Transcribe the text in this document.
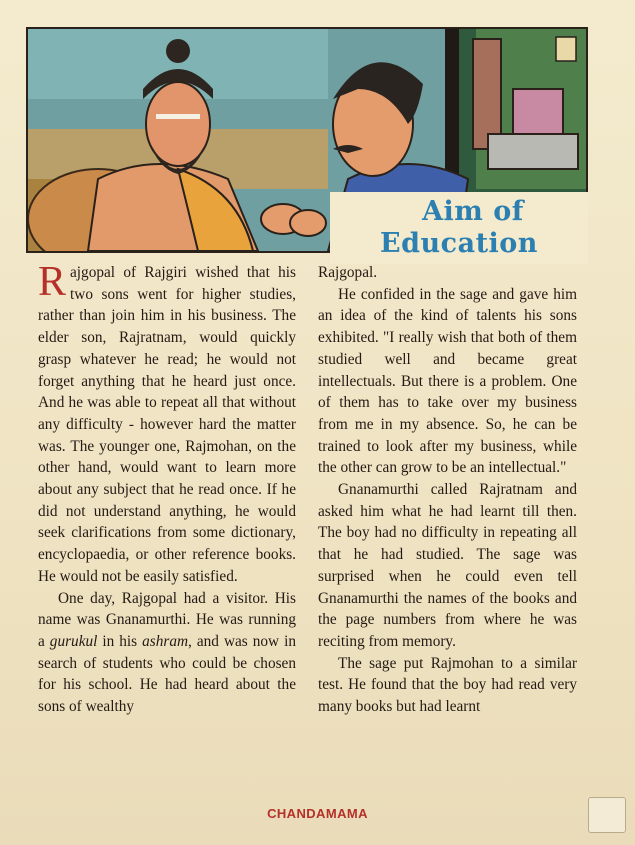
Aim of
Education

Rajgopal of Rajgiri wished that his two sons went for higher studies, rather than join him in his business. The elder son, Rajratnam, would quickly grasp whatever he read; he would not forget anything that he heard just once. And he was able to repeat all that without any difficulty - however hard the matter was. The younger one, Rajmohan, on the other hand, would want to learn more about any subject that he read once. If he did not understand anything, he would seek clarifications from some dictionary, encyclopaedia, or other reference books. He would not be easily satisfied.

One day, Rajgopal had a visitor. His name was Gnanamurthi. He was running a gurukul in his ashram, and was now in search of students who could be chosen for his school. He had heard about the sons of wealthy

Rajgopal.

He confided in the sage and gave him an idea of the kind of talents his sons exhibited. "I really wish that both of them studied well and became great intellectuals. But there is a problem. One of them has to take over my business from me in my absence. So, he can be trained to look after my business, while the other can grow to be an intellectual."

Gnanamurthi called Rajratnam and asked him what he had learnt till then. The boy had no difficulty in repeating all that he had studied. The sage was surprised when he could even tell Gnanamurthi the names of the books and the page numbers from where he was reciting from memory.

The sage put Rajmohan to a similar test. He found that the boy had read very many books but had learnt

CHANDAMAMA
